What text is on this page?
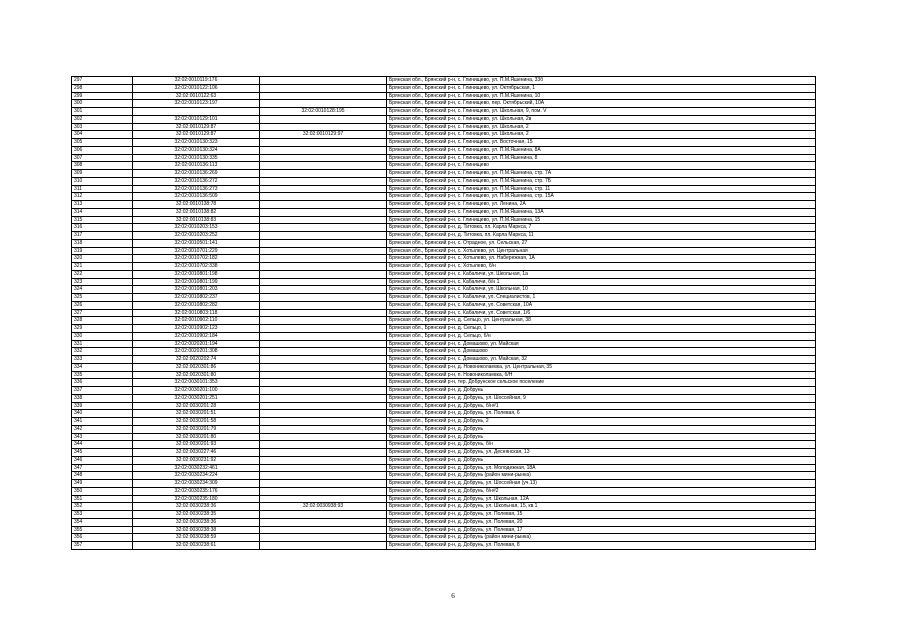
297	32:02:0010119:176		Брянская обл., Брянский р-н, с. Глинищево, ул. П.М.Яшенина, 33б
298	32:02:0010122:106		Брянская обл., Брянский р-н, с. Глинищево, ул. Октябрьская, 1
299	32:02:0010122:63		Брянская обл., Брянский р-н, с. Глинищево, ул. П.М.Яшенина, 10
300	32:02:0010123:197		Брянская обл., Брянский р-н, с. Глинищево, пер. Октябрьский, 10А
301		32:02:0010128:195	Брянская обл., Брянский р-н, с. Глинищево, ул. Школьная, 9, пом. V
302	32:02:0010129:101		Брянская обл., Брянский р-н, с. Глинищево, ул. Школьная, 2в
303	32:02:0010129:87		Брянская обл., Брянский р-н, с. Глинищево, ул. Школьная, 2
304	32:02:0010129:87	32:02:0010129:97	Брянская обл., Брянский р-н, с. Глинищево, ул. Школьная, 2
305	32:02:0010130:323		Брянская обл., Брянский р-н, с. Глинищево, ул. Восточная, 15
306	32:02:0010130:324		Брянская обл., Брянский р-н, с. Глинищево, ул. П.М.Яшенина, 8А
307	32:02:0010130:335		Брянская обл., Брянский р-н, с. Глинищево, ул. П.М.Яшенина, 8
308	32:02:0010136:113		Брянская обл., Брянский р-н, с. Глинищево
309	32:02:0010136:269		Брянская обл., Брянский р-н, с. Глинищево, ул. П.М.Яшенина, стр. 7А
310	32:02:0010136:272		Брянская обл., Брянский р-н, с. Глинищево, ул. П.М.Яшенина, стр. 7Б
311	32:02:0010136:273		Брянская обл., Брянский р-н, с. Глинищево, ул. П.М.Яшенина, стр. 11
312	32:02:0010136:509		Брянская обл., Брянский р-н, с. Глинищево, ул. П.М.Яшенина, стр. 15А
313	32:02:0010138:78		Брянская обл., Брянский р-н, с. Глинищево, ул. Ленина, 2А
314	32:02:0010138:82		Брянская обл., Брянский р-н, с. Глинищево, ул. П.М.Яшенина, 13А
315	32:02:0010138:83		Брянская обл., Брянский р-н, с. Глинищево, ул. П.М.Яшенина, 15
316	32:02:0010203:153		Брянская обл., Брянский р-н, д. Титовка, пл. Карла Маркса, 7
317	32:02:0010203:252		Брянская обл., Брянский р-н, д. Титовка, пл. Карла Маркса, 11
318	32:02:0010501:141		Брянская обл., Брянский р-н, с. Отрадное, ул. Сельская, 27
319	32:02:0010701:229		Брянская обл., Брянский р-н, с. Хотылево, ул. Центральная
320	32:02:0010702:182		Брянская обл., Брянский р-н, с. Хотылево, ул. Набережная, 1А
321	32:02:0010702:338		Брянская обл., Брянский р-н, с. Хотылево, б/н
322	32:02:0010801:198		Брянская обл., Брянский р-н, с. Кабаличи, ул. Школьная, 1а
323	32:02:0010801:199		Брянская обл., Брянский р-н, с. Кабаличи, б/н 1
324	32:02:0010801:203		Брянская обл., Брянский р-н, с. Кабаличи, ул. Школьная, 10
325	32:02:0010802:237		Брянская обл., Брянский р-н, с. Кабаличи, ул. Специалистов, 1
326	32:02:0010802:282		Брянская обл., Брянский р-н, с. Кабаличи, ул. Советская, 10А
327	32:02:0010803:118		Брянская обл., Брянский р-н, с. Кабаличи, ул. Советская, 1/6
328	32:02:0010902:110		Брянская обл., Брянский р-н, д. Сельцо, ул. Центральная, 38
329	32:02:0010902:123		Брянская обл., Брянский р-н, д. Сельцо, 1
330	32:02:0010902:184		Брянская обл., Брянский р-н, д. Сельцо, б/н
331	32:02:0020201:194		Брянская обл., Брянский р-н, с. Домашово, ул. Майская
332	32:02:0020201:308		Брянская обл., Брянский р-н, с. Домашово
333	32:02:0020202:74		Брянская обл., Брянский р-н, с. Домашово, ул. Майская, 32
334	32:02:0020301:86		Брянская обл., Брянский р-н, д. Новониколаевка, ул. Центральная, 35
335	32:02:0020301:80		Брянская обл., Брянский р-н, п. Новониколаевка, б/Н
336	32:02:0030101:353		Брянская обл., Брянский р-н, тер. Добрунское сельское поселение
337	32:02:0030201:100		Брянская обл., Брянский р-н, д. Добрунь
338	32:02:0030201:251		Брянская обл., Брянский р-н, д. Добрунь, ул. Шоссейная, 9
339	32:02:0030201:28		Брянская обл., Брянский р-н, д. Добрунь, б/н#1
340	32:02:0030201:51		Брянская обл., Брянский р-н, д. Добрунь, ул. Полевая, 6
341	32:02:0030201:58		Брянская обл., Брянский р-н, д. Добрунь, 2
342	32:02:0030201:79		Брянская обл., Брянский р-н, д. Добрунь
343	32:02:0030201:80		Брянская обл., Брянский р-н, д. Добрунь
344	32:02:0030201:93		Брянская обл., Брянский р-н, д. Добрунь, б/н
345	32:02:0030227:46		Брянская обл., Брянский р-н, д. Добрунь, ул. Деснянская, 13
346	32:02:0030231:92		Брянская обл., Брянский р-н, д. Добрунь
347	32:02:0030232:461		Брянская обл., Брянский р-н, д. Добрунь, ул. Молодежная, 18А
348	32:02:0030234:224		Брянская обл., Брянский р-н, д. Добрунь (район мини-рынка)
349	32:02:0030234:309		Брянская обл., Брянский р-н, д. Добрунь, ул. Шоссейная (уч.13)
350	32:02:0030235:176		Брянская обл., Брянский р-н, д. Добрунь, б/н#2
351	32:02:0030235:180		Брянская обл., Брянский р-н, д. Добрунь, ул. Школьная, 12А
352	32:02:0030238:36	32:02:0030938:93	Брянская обл., Брянский р-н, д. Добрунь, ул. Школьная, 15, кв.1
353	32:02:0030238:35		Брянская обл., Брянский р-н, д. Добрунь, ул. Полевая, 15
354	32:02:0030238:36		Брянская обл., Брянский р-н, д. Добрунь, ул. Полевая, 20
355	32:02:0030238:38		Брянская обл., Брянский р-н, д. Добрунь, ул. Полевая, 17
356	32:02:0030238:59		Брянская обл., Брянский р-н, д. Добрунь (район мини-рынка)
357	32:02:0030238:61		Брянская обл., Брянский р-н, д. Добрунь, ул. Полевая, 8
6
